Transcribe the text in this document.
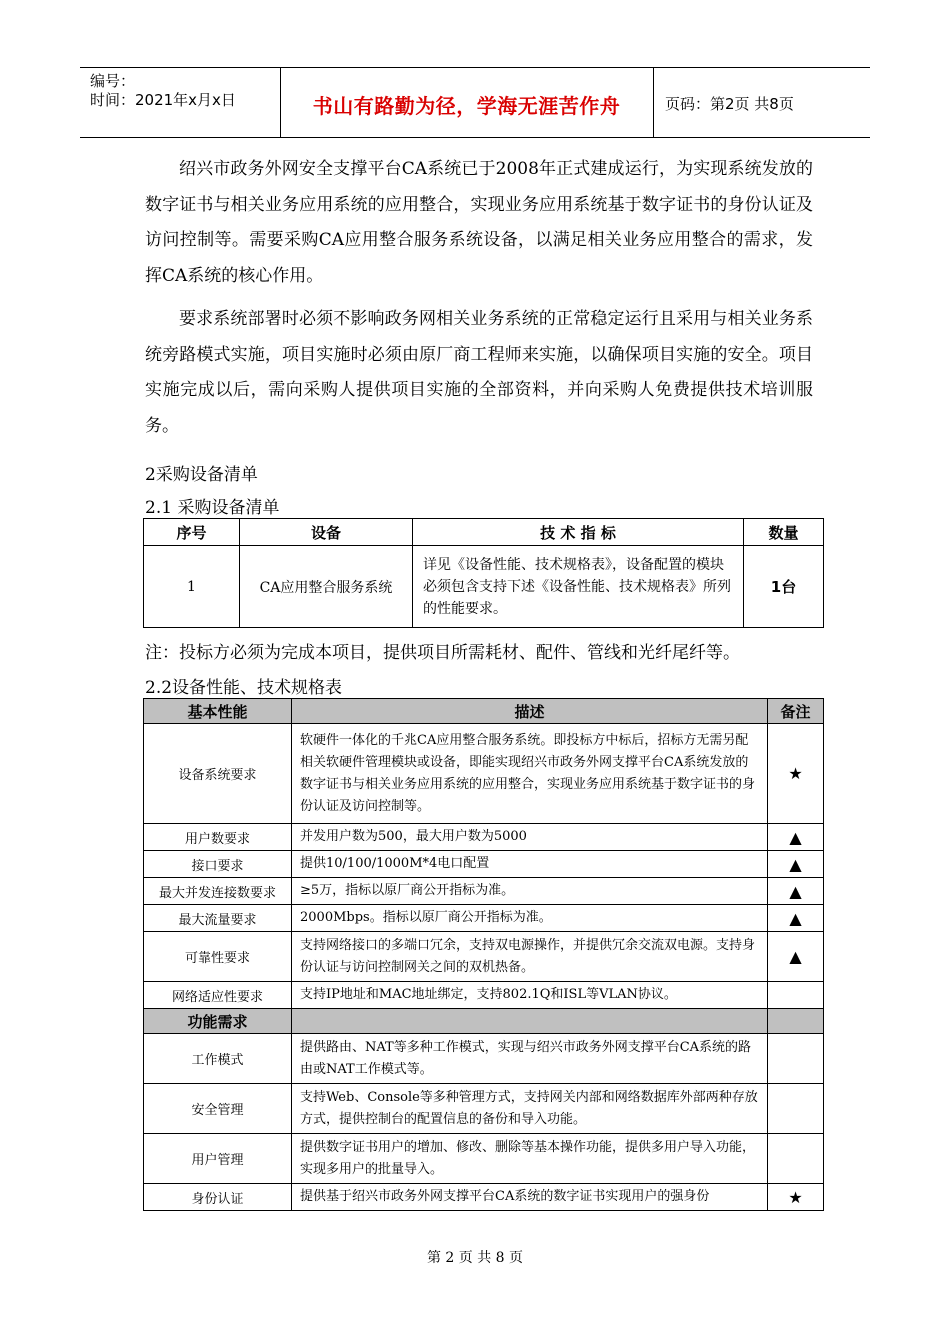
编号：
时间：2021年x月x日	书山有路勤为径，学海无涯苦作舟	页码：第2页 共8页
绍兴市政务外网安全支撑平台CA系统已于2008年正式建成运行，为实现系统发放的数字证书与相关业务应用系统的应用整合，实现业务应用系统基于数字证书的身份认证及访问控制等。需要采购CA应用整合服务系统设备，以满足相关业务应用整合的需求，发挥CA系统的核心作用。
要求系统部署时必须不影响政务网相关业务系统的正常稳定运行且采用与相关业务系统旁路模式实施，项目实施时必须由原厂商工程师来实施，以确保项目实施的安全。项目实施完成以后，需向采购人提供项目实施的全部资料，并向采购人免费提供技术培训服务。
2采购设备清单
2.1 采购设备清单
序号	设备	技 术 指 标	数量
1	CA应用整合服务系统	详见《设备性能、技术规格表》，设备配置的模块必须包含支持下述《设备性能、技术规格表》所列的性能要求。	1台
注：投标方必须为完成本项目，提供项目所需耗材、配件、管线和光纤尾纤等。
2.2设备性能、技术规格表
基本性能	描述	备注
设备系统要求	软硬件一体化的千兆CA应用整合服务系统。即投标方中标后，招标方无需另配相关软硬件管理模块或设备，即能实现绍兴市政务外网支撑平台CA系统发放的数字证书与相关业务应用系统的应用整合，实现业务应用系统基于数字证书的身份认证及访问控制等。	★
用户数要求	并发用户数为500，最大用户数为5000	▲
接口要求	提供10/100/1000M*4电口配置	▲
最大并发连接数要求	≥5万，指标以原厂商公开指标为准。	▲
最大流量要求	2000Mbps。指标以原厂商公开指标为准。	▲
可靠性要求	支持网络接口的多端口冗余，支持双电源操作，并提供冗余交流双电源。支持身份认证与访问控制网关之间的双机热备。	▲
网络适应性要求	支持IP地址和MAC地址绑定，支持802.1Q和ISL等VLAN协议。	
功能需求		
工作模式	提供路由、NAT等多种工作模式，实现与绍兴市政务外网支撑平台CA系统的路由或NAT工作模式等。	
安全管理	支持Web、Console等多种管理方式，支持网关内部和网络数据库外部两种存放方式，提供控制台的配置信息的备份和导入功能。	
用户管理	提供数字证书用户的增加、修改、删除等基本操作功能，提供多用户导入功能，实现多用户的批量导入。	
身份认证	提供基于绍兴市政务外网支撑平台CA系统的数字证书实现用户的强身份	★
第 2 页 共 8 页
